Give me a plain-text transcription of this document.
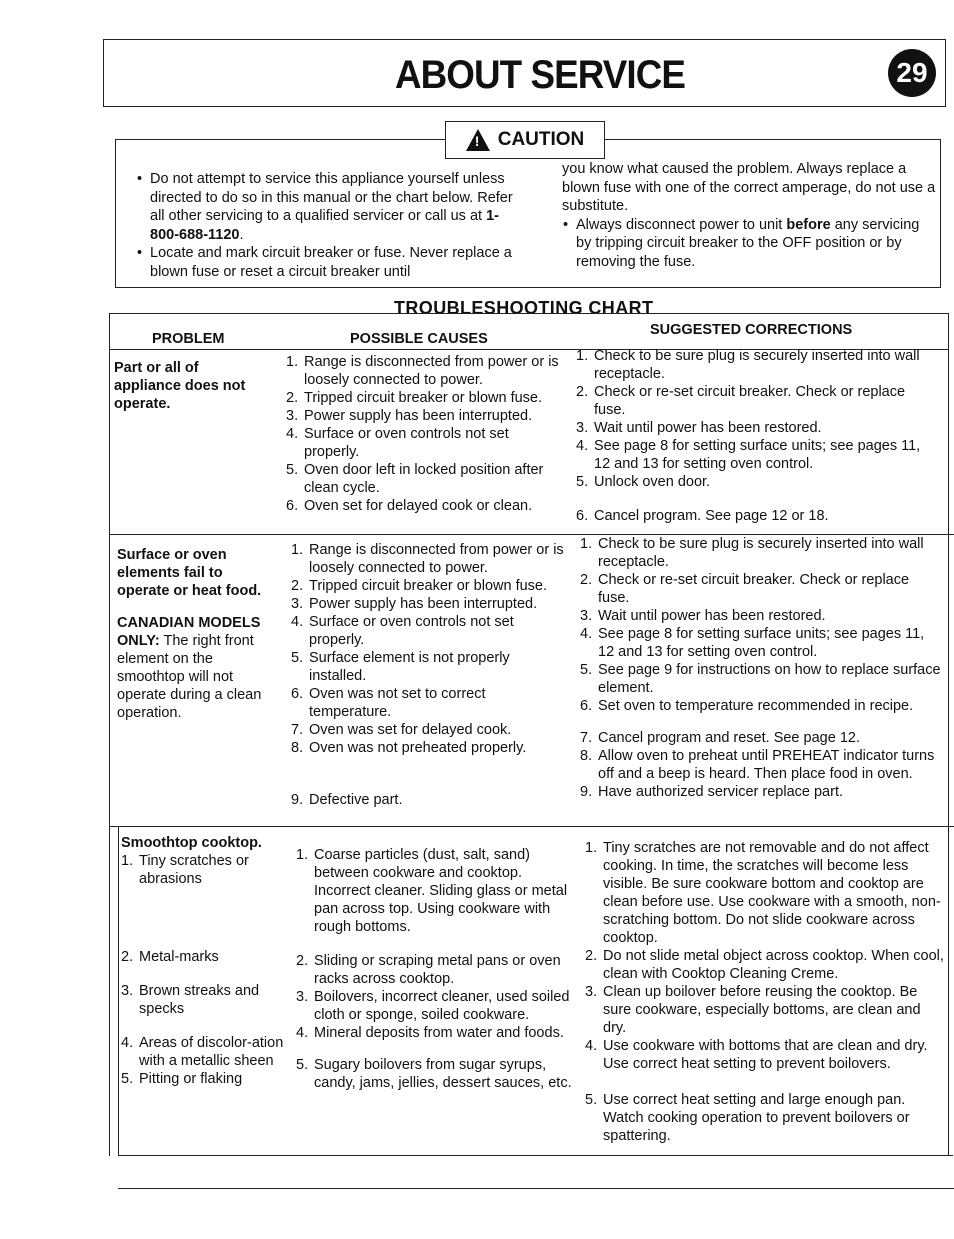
ABOUT SERVICE	29
!
CAUTION
• Do not attempt to service this appliance yourself unless directed to do so in this manual or the chart below. Refer all other servicing to a qualified servicer or call us at 1-800-688-1120.
• Locate and mark circuit breaker or fuse. Never replace a blown fuse or reset a circuit breaker until
you know what caused the problem. Always replace a blown fuse with one of the correct amperage, do not use a substitute.
• Always disconnect power to unit before any servicing by tripping circuit breaker to the OFF position or by removing the fuse.
TROUBLESHOOTING CHART
PROBLEM	POSSIBLE CAUSES
SUGGESTED CORRECTIONS
Part or all of appliance does not operate.
1. Range is disconnected from power or is loosely connected to power.
2. Tripped circuit breaker or blown fuse.
3. Power supply has been interrupted.
4. Surface or oven controls not set properly.
5. Oven door left in locked position after clean cycle.
6. Oven set for delayed cook or clean.
1. Check to be sure plug is securely inserted into wall receptacle.
2. Check or re-set circuit breaker. Check or replace fuse.
3. Wait until power has been restored.
4. See page 8 for setting surface units; see pages 11, 12 and 13 for setting oven control.
5. Unlock oven door.
6. Cancel program. See page 12 or 18.
Surface or oven elements fail to operate or heat food.
CANADIAN MODELS ONLY: The right front element on the smoothtop will not operate during a clean operation.
1. Range is disconnected from power or is loosely connected to power.
2. Tripped circuit breaker or blown fuse.
3. Power supply has been interrupted.
4. Surface or oven controls not set properly.
5. Surface element is not properly installed.
6. Oven was not set to correct temperature.
7. Oven was set for delayed cook.
8. Oven was not preheated properly.
9. Defective part.
1. Check to be sure plug is securely inserted into wall receptacle.
2. Check or re-set circuit breaker. Check or replace fuse.
3. Wait until power has been restored.
4. See page 8 for setting surface units; see pages 11, 12 and 13 for setting oven control.
5. See page 9 for instructions on how to replace surface element.
6. Set oven to temperature recommended in recipe.
7. Cancel program and reset. See page 12.
8. Allow oven to preheat until PREHEAT indicator turns off and a beep is heard. Then place food in oven.
9. Have authorized servicer replace part.
Smoothtop cooktop.
1. Tiny scratches or abrasions
2. Metal-marks
3. Brown streaks and specks
4. Areas of discolor-ation with a metallic sheen
5. Pitting or flaking
1. Coarse particles (dust, salt, sand) between cookware and cooktop. Incorrect cleaner. Sliding glass or metal pan across top. Using cookware with rough bottoms.
2. Sliding or scraping metal pans or oven racks across cooktop.
3. Boilovers, incorrect cleaner, used soiled cloth or sponge, soiled cookware.
4. Mineral deposits from water and foods.
5. Sugary boilovers from sugar syrups, candy, jams, jellies, dessert sauces, etc.
1. Tiny scratches are not removable and do not affect cooking. In time, the scratches will become less visible. Be sure cookware bottom and cooktop are clean before use. Use cookware with a smooth, non-scratching bottom. Do not slide cookware across cooktop.
2. Do not slide metal object across cooktop. When cool, clean with Cooktop Cleaning Creme.
3. Clean up boilover before reusing the cooktop. Be sure cookware, especially bottoms, are clean and dry.
4. Use cookware with bottoms that are clean and dry. Use correct heat setting to prevent boilovers.
5. Use correct heat setting and large enough pan. Watch cooking operation to prevent boilovers or spattering.
